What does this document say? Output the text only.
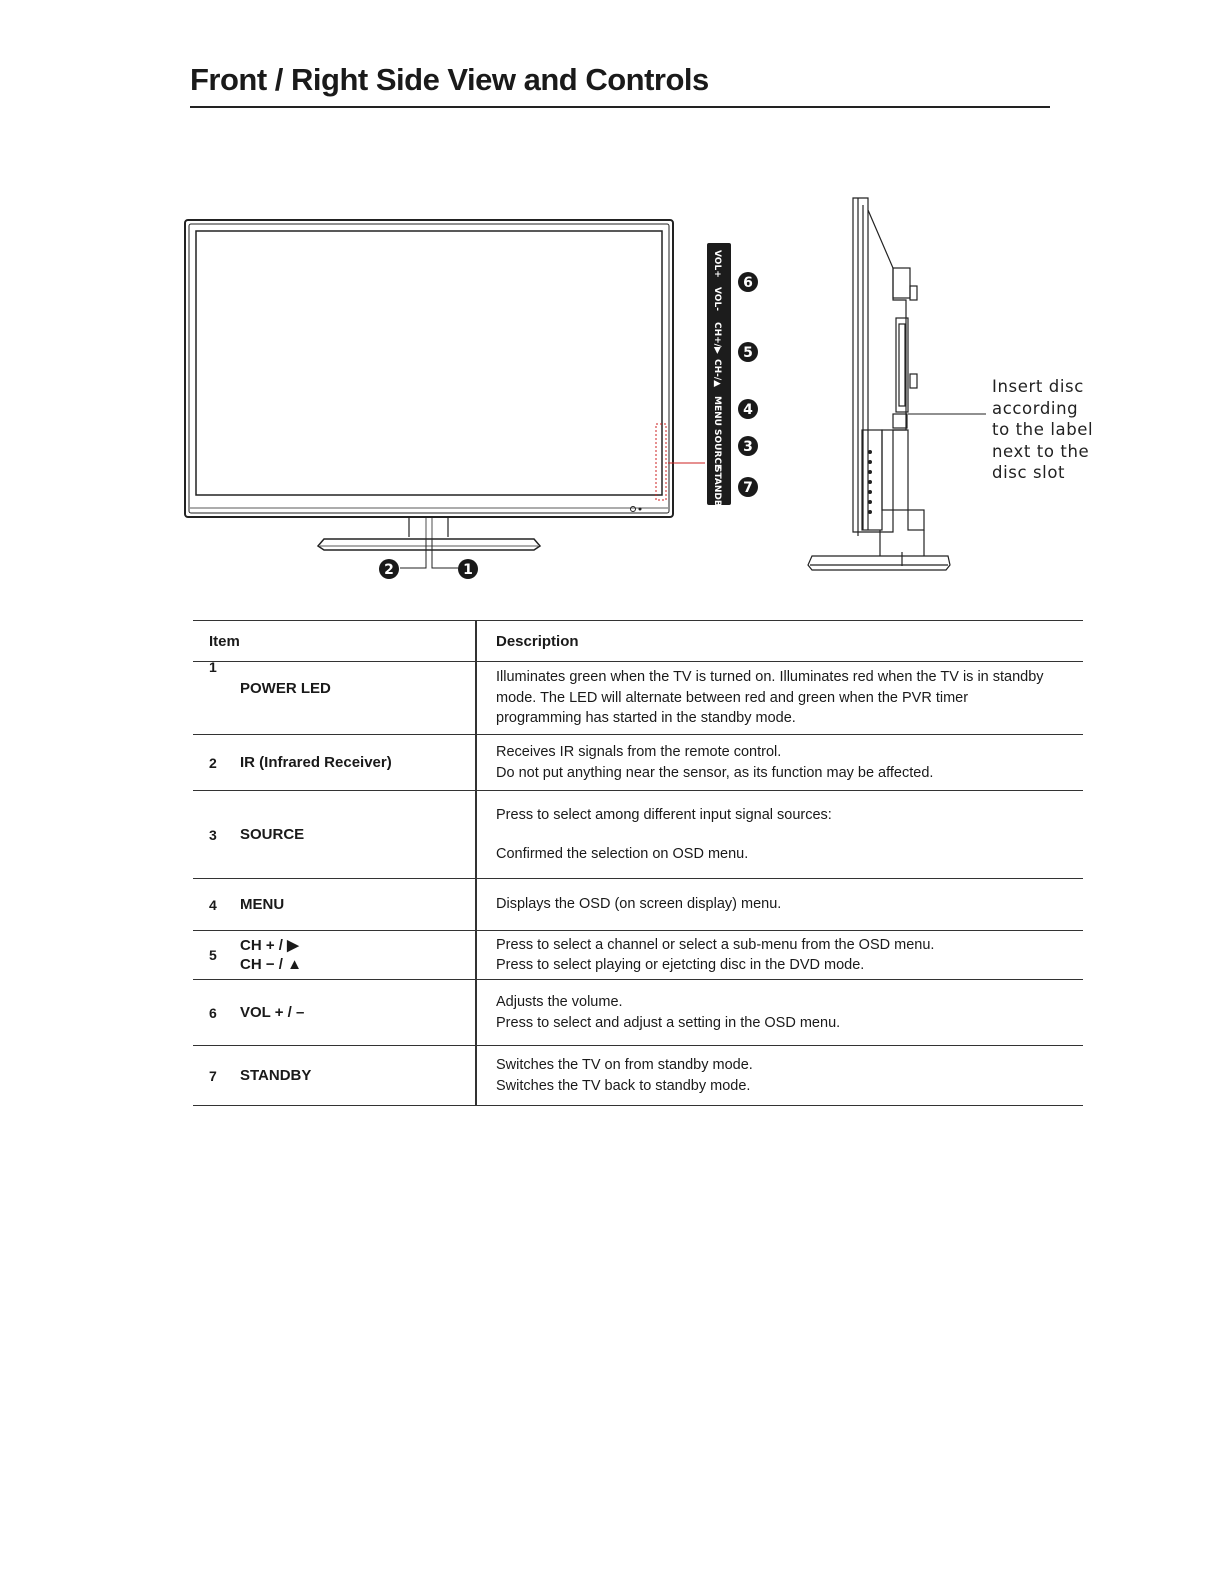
Front / Right Side View and Controls
VOL+
VOL-
CH+/▶
CH-/▲
MENU
SOURCE
STANDBY
6
5
4
3
7
2	1
Insert disc
according
to the label
next to the
disc slot
Item	Description

1
POWER LED	Illuminates green when the TV is turned on. Illuminates red when the TV is in standby
mode. The LED will alternate between red and green when the PVR timer
programming has started in the standby mode.

2 IR (Infrared Receiver)	Receives IR signals from the remote control.
Do not put anything near the sensor, as its function may be affected.

3 SOURCE	Press to select among different input signal sources:
Confirmed the selection on OSD menu.

4 MENU	Displays the OSD (on screen display) menu.

5
CH + / ▶
CH − / ▲	Press to select a channel or select a sub-menu from the OSD menu.
Press to select playing or ejetcting disc in the DVD mode.

6 VOL + / –	Adjusts the volume.
Press to select and adjust a setting in the OSD menu.

7 STANDBY	Switches the TV on from standby mode.
Switches the TV back to standby mode.
